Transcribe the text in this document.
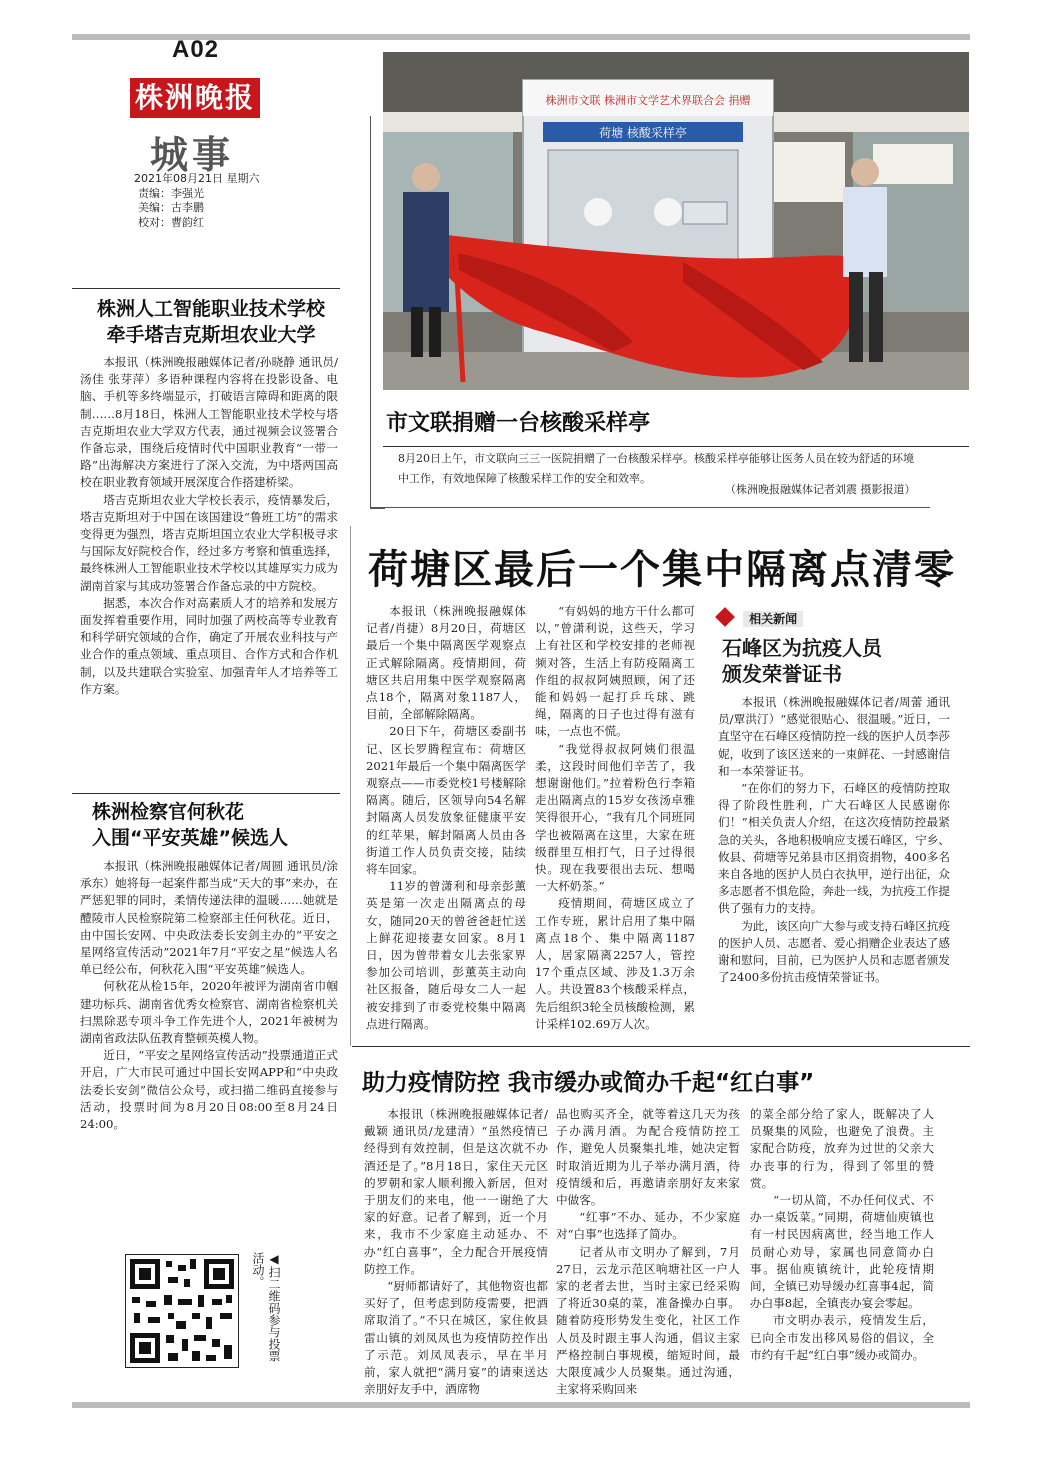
A02
株洲晚报
城事
2021年08月21日 星期六
责编：李强光
美编：古李鹏
校对：曹韵红
株洲市文联 株洲市文学艺术界联合会 捐赠
荷塘 核酸采样亭
市文联捐赠一台核酸采样亭
8月20日上午，市文联向三三一医院捐赠了一台核酸采样亭。核酸采样亭能够让医务人员在较为舒适的环境中工作，有效地保障了核酸采样工作的安全和效率。
（株洲晚报融媒体记者刘震 摄影报道）
株洲人工智能职业技术学校
牵手塔吉克斯坦农业大学

本报讯（株洲晚报融媒体记者/孙晓静 通讯员/汤佳 张芽萍）多语种课程内容将在投影设备、电脑、手机等多终端显示，打破语言障碍和距离的限制……8月18日，株洲人工智能职业技术学校与塔吉克斯坦农业大学双方代表，通过视频会议签署合作备忘录，围绕后疫情时代中国职业教育“一带一路”出海解决方案进行了深入交流，为中塔两国高校在职业教育领域开展深度合作搭建桥梁。

塔吉克斯坦农业大学校长表示，疫情暴发后，塔吉克斯坦对于中国在该国建设“鲁班工坊”的需求变得更为强烈，塔吉克斯坦国立农业大学积极寻求与国际友好院校合作，经过多方考察和慎重选择，最终株洲人工智能职业技术学校以其雄厚实力成为湖南首家与其成功签署合作备忘录的中方院校。

据悉，本次合作对高素质人才的培养和发展方面发挥着重要作用，同时加强了两校高等专业教育和科学研究领域的合作，确定了开展农业科技与产业合作的重点领域、重点项目、合作方式和合作机制，以及共建联合实验室、加强青年人才培养等工作方案。

株洲检察官何秋花
入围“平安英雄”候选人

本报讯（株洲晚报融媒体记者/周圆 通讯员/涂承东）她将每一起案件都当成“天大的事”来办，在严惩犯罪的同时，柔情传递法律的温暖……她就是醴陵市人民检察院第二检察部主任何秋花。近日，由中国长安网、中央政法委长安剑主办的“平安之星网络宣传活动”2021年7月“平安之星”候选人名单已经公布，何秋花入围“平安英雄”候选人。

何秋花从检15年，2020年被评为湖南省巾帼建功标兵、湖南省优秀女检察官、湖南省检察机关扫黑除恶专项斗争工作先进个人，2021年被树为湖南省政法队伍教育整顿英模人物。

近日，“平安之星网络宣传活动”投票通道正式开启，广大市民可通过中国长安网APP和“中央政法委长安剑”微信公众号，或扫描二维码直接参与活动，投票时间为8月20日08:00至8月24日24:00。

◀扫二维码参与投票活动。
荷塘区最后一个集中隔离点清零

本报讯（株洲晚报融媒体记者/肖捷）8月20日，荷塘区最后一个集中隔离医学观察点正式解除隔离。疫情期间，荷塘区共启用集中医学观察隔离点18个，隔离对象1187人，目前，全部解除隔离。

20日下午，荷塘区委副书记、区长罗腾程宣布：荷塘区2021年最后一个集中隔离医学观察点——市委党校1号楼解除隔离。随后，区领导向54名解封隔离人员发放象征健康平安的红苹果，解封隔离人员由各街道工作人员负责交接，陆续将车回家。

11岁的曾潇利和母亲彭薰英是第一次走出隔离点的母女，随同20天的曾爸爸赶忙送上鲜花迎接妻女回家。8月1日，因为曾带着女儿去张家界参加公司培训，彭薰英主动向社区报备，随后母女二人一起被安排到了市委党校集中隔离点进行隔离。

“有妈妈的地方干什么都可以，”曾潇利说，这些天，学习上有社区和学校安排的老师视频对答，生活上有防疫隔离工作组的叔叔阿姨照顾，闲了还能和妈妈一起打乒乓球、跳绳，隔离的日子也过得有滋有味，一点也不慌。

“我觉得叔叔阿姨们很温柔，这段时间他们辛苦了，我想谢谢他们。”拉着粉色行李箱走出隔离点的15岁女孩汤卓雅笑得很开心，“我有几个同班同学也被隔离在这里，大家在班级群里互相打气，日子过得很快。现在我要很出去玩、想喝一大杯奶茶。”

疫情期间，荷塘区成立了工作专班，累计启用了集中隔离点18个、集中隔离1187人，居家隔离2257人，管控17个重点区域、涉及1.3万余人。共设置83个核酸采样点，先后组织3轮全员核酸检测，累计采样102.69万人次。

相关新闻
石峰区为抗疫人员
颁发荣誉证书

本报讯（株洲晚报融媒体记者/周蕾 通讯员/覃洪汀）“感觉很贴心、很温暖。”近日，一直坚守在石峰区疫情防控一线的医护人员李莎妮，收到了该区送来的一束鲜花、一封感谢信和一本荣誉证书。

“在你们的努力下，石峰区的疫情防控取得了阶段性胜利，广大石峰区人民感谢你们！”相关负责人介绍，在这次疫情防控最紧急的关头，各地积极响应支援石峰区，宁乡、攸县、荷塘等兄弟县市区捐资捐物，400多名来自各地的医护人员白衣执甲，逆行出征，众多志愿者不惧危险，奔赴一线，为抗疫工作提供了强有力的支持。

为此，该区向广大参与或支持石峰区抗疫的医护人员、志愿者、爱心捐赠企业表达了感谢和慰问，目前，已为医护人员和志愿者颁发了2400多份抗击疫情荣誉证书。

助力疫情防控 我市缓办或简办千起“红白事”

本报讯（株洲晚报融媒体记者/戴颖 通讯员/龙建清）“虽然疫情已经得到有效控制，但是这次就不办酒还是了。”8月18日，家住天元区的罗朝和家人顺利搬入新居，但对于朋友们的来电，他一一谢绝了大家的好意。记者了解到，近一个月来，我市不少家庭主动延办、不办“红白喜事”，全力配合开展疫情防控工作。

“厨师都请好了，其他物资也都买好了，但考虑到防疫需要，把酒席取消了。”不只在城区，家住攸县雷山镇的刘凤凤也为疫情防控作出了示范。刘凤凤表示，早在半月前，家人就把“满月宴”的请柬送达亲朋好友手中，酒席物

品也购买齐全，就等着这几天为孩子办满月酒。为配合疫情防控工作，避免人员聚集扎堆，她决定暂时取消近期为儿子举办满月酒，待疫情缓和后，再邀请亲朋好友来家中做客。

“红事”不办、延办，不少家庭对“白事”也选择了简办。

记者从市文明办了解到，7月27日，云龙示范区响塘社区一户人家的老者去世，当时主家已经采购了将近30桌的菜，准备操办白事。随着防疫形势发生变化，社区工作人员及时跟主事人沟通，倡议主家严格控制白事规模，缩短时间，最大限度减少人员聚集。通过沟通，主家将采购回来

的菜全部分给了家人，既解决了人员聚集的风险，也避免了浪费。主家配合防疫，放弃为过世的父亲大办丧事的行为，得到了邻里的赞赏。

“一切从简，不办任何仪式、不办一桌饭菜。”同期，荷塘仙庾镇也有一村民因病离世，经当地工作人员耐心劝导，家属也同意简办白事。据仙庾镇统计，此轮疫情期间，全镇已劝导缓办红喜事4起，简办白事8起，全镇丧办宴会零起。

市文明办表示，疫情发生后，已向全市发出移风易俗的倡议，全市约有千起“红白事”缓办或简办。
